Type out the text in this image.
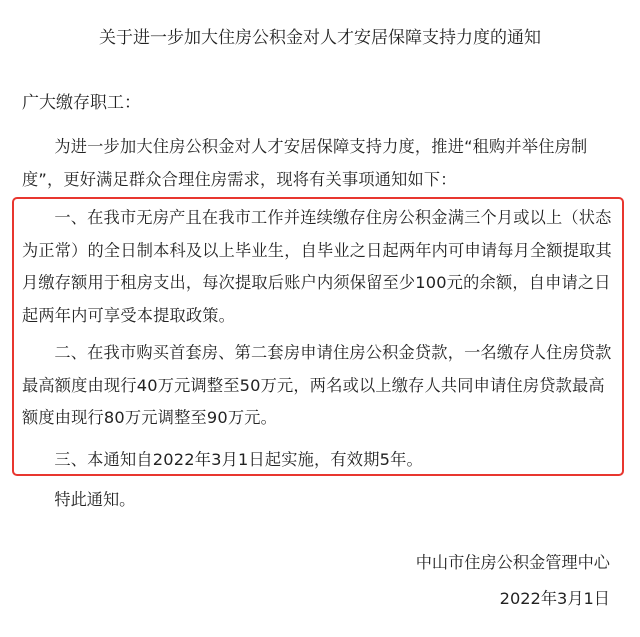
关于进一步加大住房公积金对人才安居保障支持力度的通知
广大缴存职工：
为进一步加大住房公积金对人才安居保障支持力度，推进“租购并举住房制度”，更好满足群众合理住房需求，现将有关事项通知如下：
一、在我市无房产且在我市工作并连续缴存住房公积金满三个月或以上（状态为正常）的全日制本科及以上毕业生，自毕业之日起两年内可申请每月全额提取其月缴存额用于租房支出，每次提取后账户内须保留至少100元的余额，自申请之日起两年内可享受本提取政策。
二、在我市购买首套房、第二套房申请住房公积金贷款，一名缴存人住房贷款最高额度由现行40万元调整至50万元，两名或以上缴存人共同申请住房贷款最高额度由现行80万元调整至90万元。
三、本通知自2022年3月1日起实施，有效期5年。
特此通知。
中山市住房公积金管理中心
2022年3月1日
